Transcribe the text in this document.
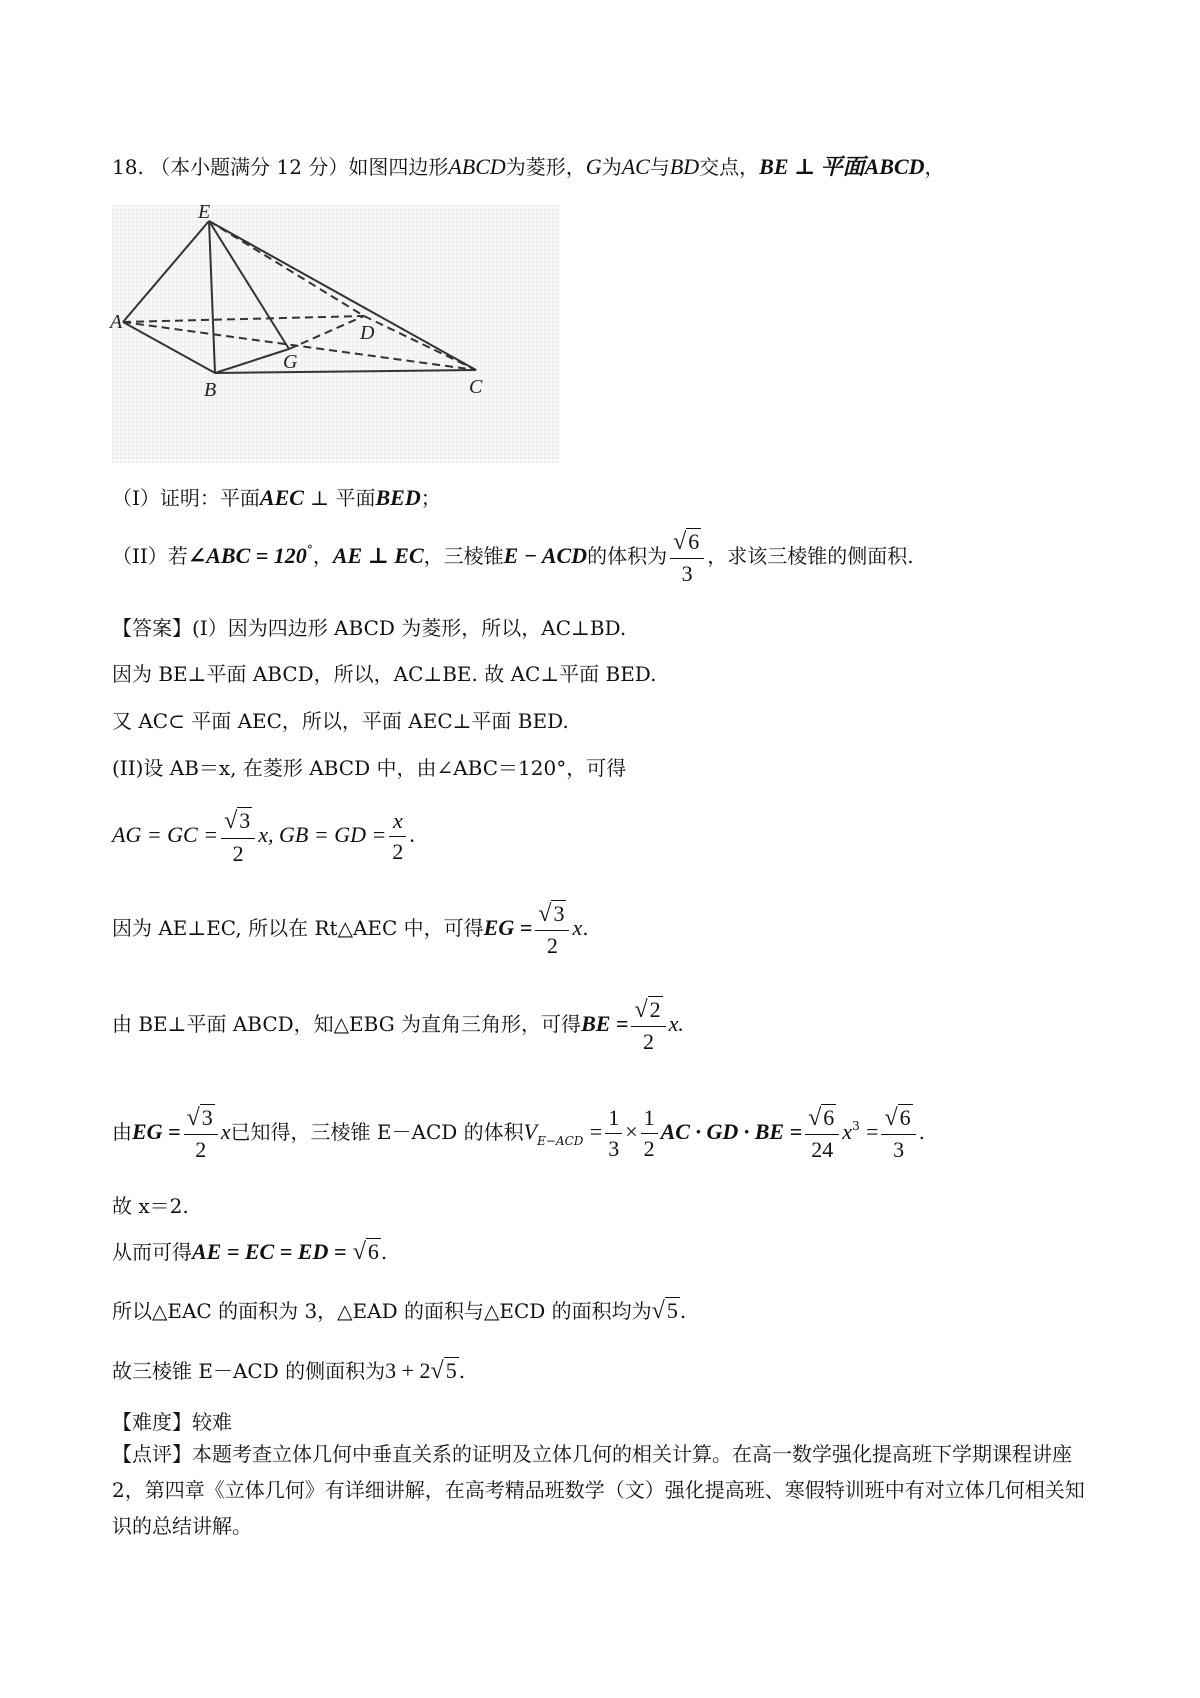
18. （本小题满分 12 分）如图四边形ABCD为菱形，G为AC与BD交点，BE ⊥ 平面ABCD，
E
A	D
G
B	C
（I）证明：平面AEC ⊥ 平面BED；
（II）若∠ABC = 120°，AE ⊥ EC，三棱锥E − ACD的体积为 $\frac{√6}{3}$ ，求该三棱锥的侧面积.
【答案】(I）因为四边形 ABCD 为菱形，所以，AC⊥BD.
因为 BE⊥平面 ABCD，所以，AC⊥BE. 故 AC⊥平面 BED.
又 AC⊂ 平面 AEC，所以，平面 AEC⊥平面 BED.
(II)设 AB＝x, 在菱形 ABCD 中，由∠ABC＝120°，可得
AG = GC = $\frac{√3}{2} x$, GB = GD = $\frac{x}{2}$ .
因为 AE⊥EC, 所以在 Rt△AEC 中，可得EG = $\frac{√3}{2} x$.
由 BE⊥平面 ABCD，知△EBG 为直角三角形，可得BE = $\frac{√2}{2} x$.
由EG = $\frac{√3}{2}$ x已知得，三棱锥 E－ACD 的体积$V_{E-ACD} = \frac{1}{3} \times \frac{1}{2}$ AC · GD · BE = $\frac{√6}{24} x^3 = \frac{√6}{3}$ .
故 x＝2.
从而可得AE = EC = ED = √6 .
所以△EAC 的面积为 3，△EAD 的面积与△ECD 的面积均为√5 .
故三棱锥 E－ACD 的侧面积为3 + 2√5 .
【难度】较难
【点评】本题考查立体几何中垂直关系的证明及立体几何的相关计算。在高一数学强化提高班下学期课程讲座 2，第四章《立体几何》有详细讲解，在高考精品班数学（文）强化提高班、寒假特训班中有对立体几何相关知识的总结讲解。
